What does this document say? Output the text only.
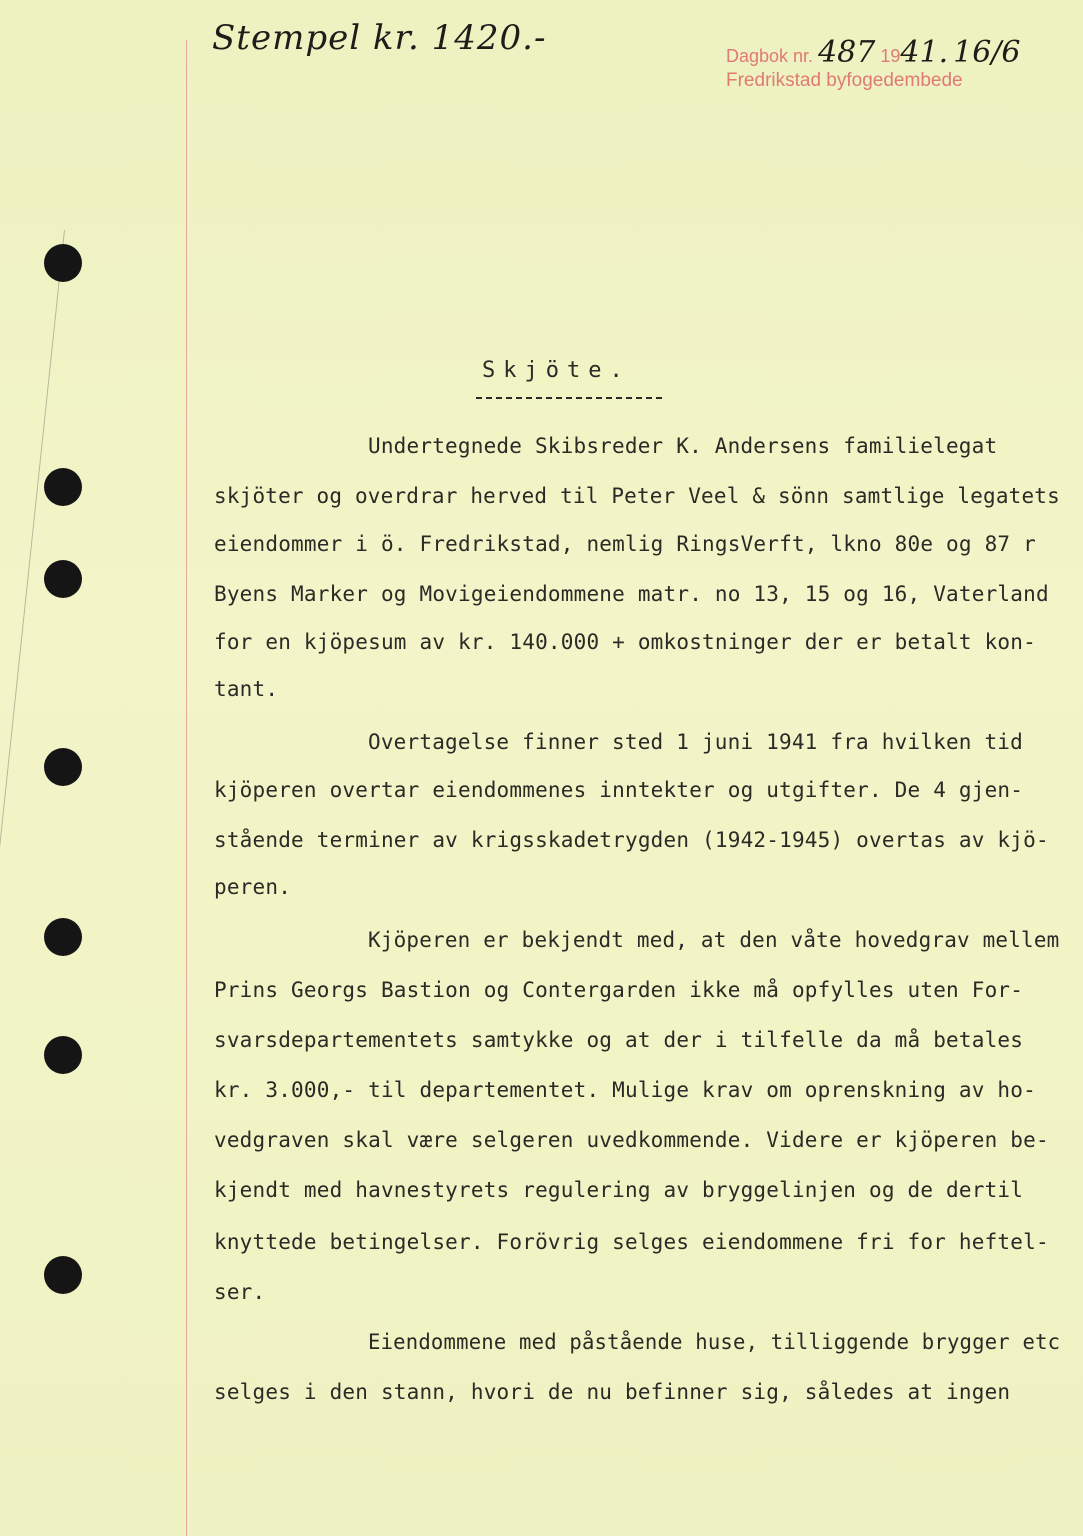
Stempel kr. 1420.-	Dagbok nr. 487 1941. 16/6
Fredrikstad byfogedembede
Skjöte.
Undertegnede Skibsreder K. Andersens familielegat
skjöter og overdrar herved til Peter Veel & sönn samtlige legatets
eiendommer i ö. Fredrikstad, nemlig RingsVerft, lkno 80e og 87 r
Byens Marker og Movigeiendommene matr. no 13, 15 og 16, Vaterland
for en kjöpesum av kr. 140.000 + omkostninger der er betalt kon-
tant.
Overtagelse finner sted 1 juni 1941 fra hvilken tid
kjöperen overtar eiendommenes inntekter og utgifter. De 4 gjen-
stående terminer av krigsskadetrygden (1942-1945) overtas av kjö-
peren.
Kjöperen er bekjendt med, at den våte hovedgrav mellem
Prins Georgs Bastion og Contergarden ikke må opfylles uten For-
svarsdepartementets samtykke og at der i tilfelle da må betales
kr. 3.000,- til departementet. Mulige krav om oprenskning av ho-
vedgraven skal være selgeren uvedkommende. Videre er kjöperen be-
kjendt med havnestyrets regulering av bryggelinjen og de dertil
knyttede betingelser. Forövrig selges eiendommene fri for heftel-
ser.
Eiendommene med påstående huse, tilliggende brygger etc
selges i den stann, hvori de nu befinner sig, således at ingen
